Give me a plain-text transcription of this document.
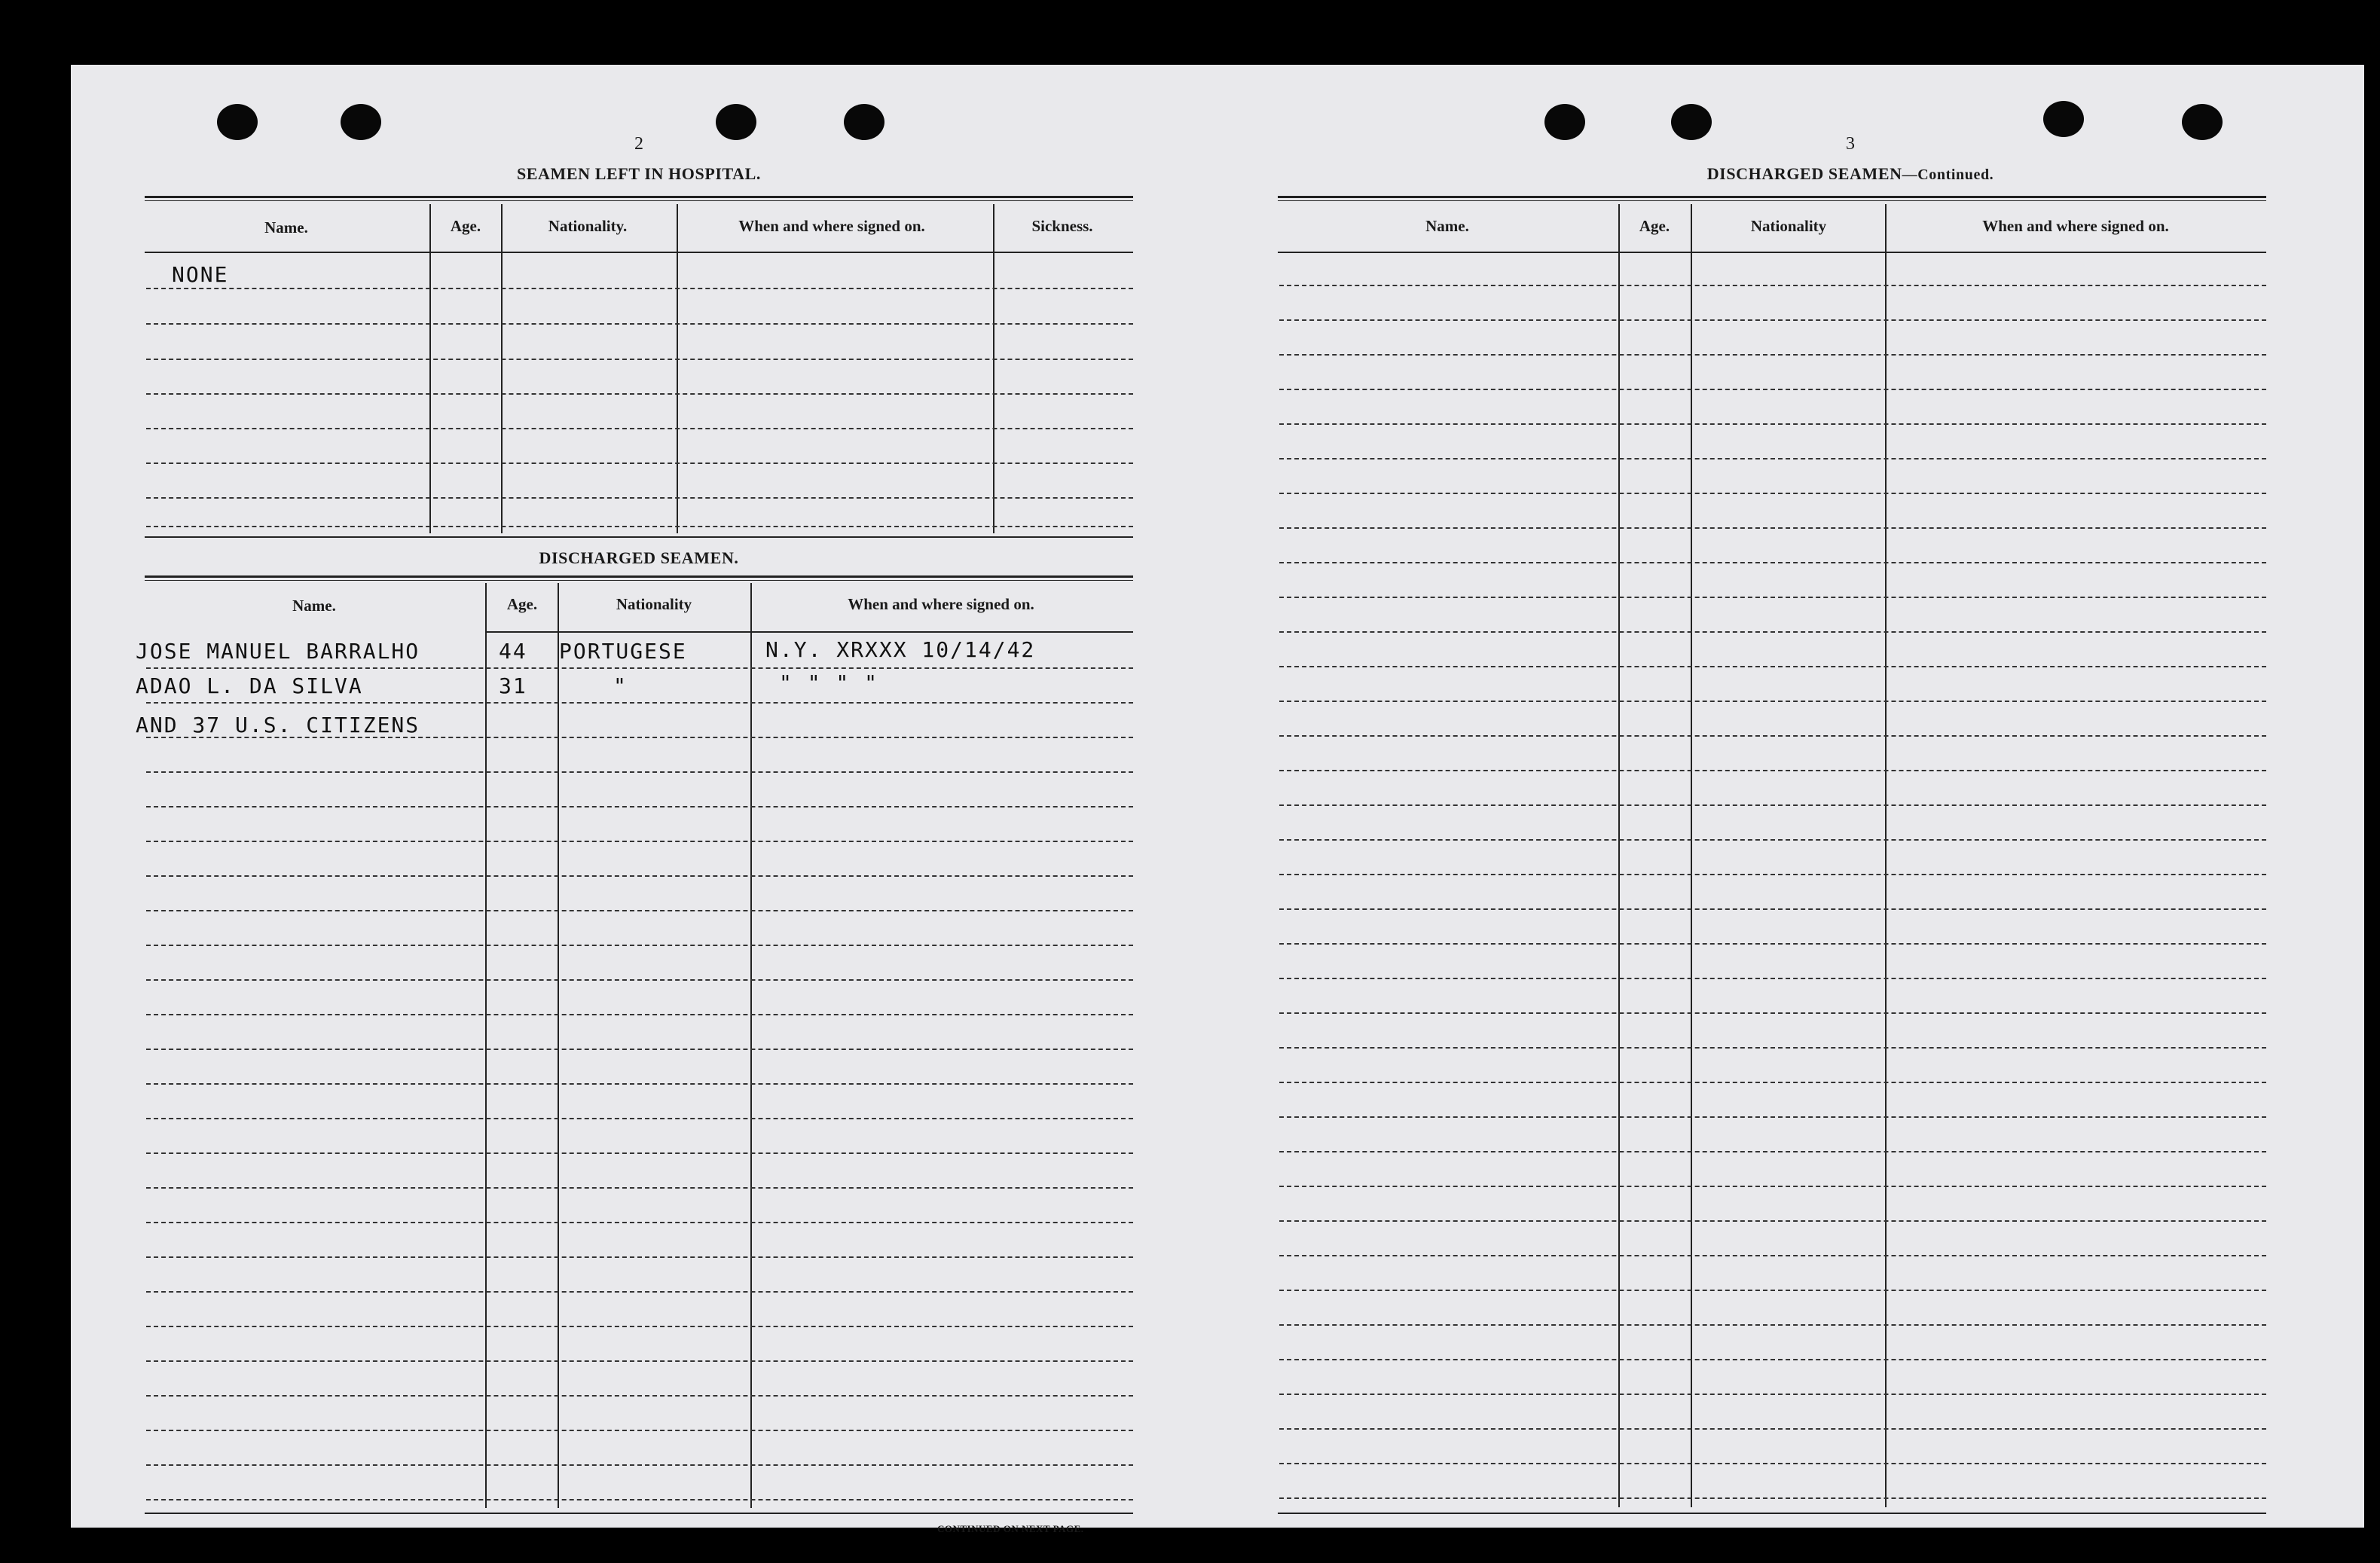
2
SEAMEN LEFT IN HOSPITAL.
Name.	Age.	Nationality.	When and where signed on.	Sickness.
NONE
DISCHARGED SEAMEN.
Name.	Age.	Nationality	When and where signed on.
JOSE MANUEL BARRALHO	44 PORTUGESE	N.Y. XRXXX 10/14/42
ADAO L. DA SILVA	31	"	" " " "
AND 37 U.S. CITIZENS
CONTINUED ON NEXT PAGE.
3
DISCHARGED SEAMEN—Continued.
Name.	Age.	Nationality	When and where signed on.
